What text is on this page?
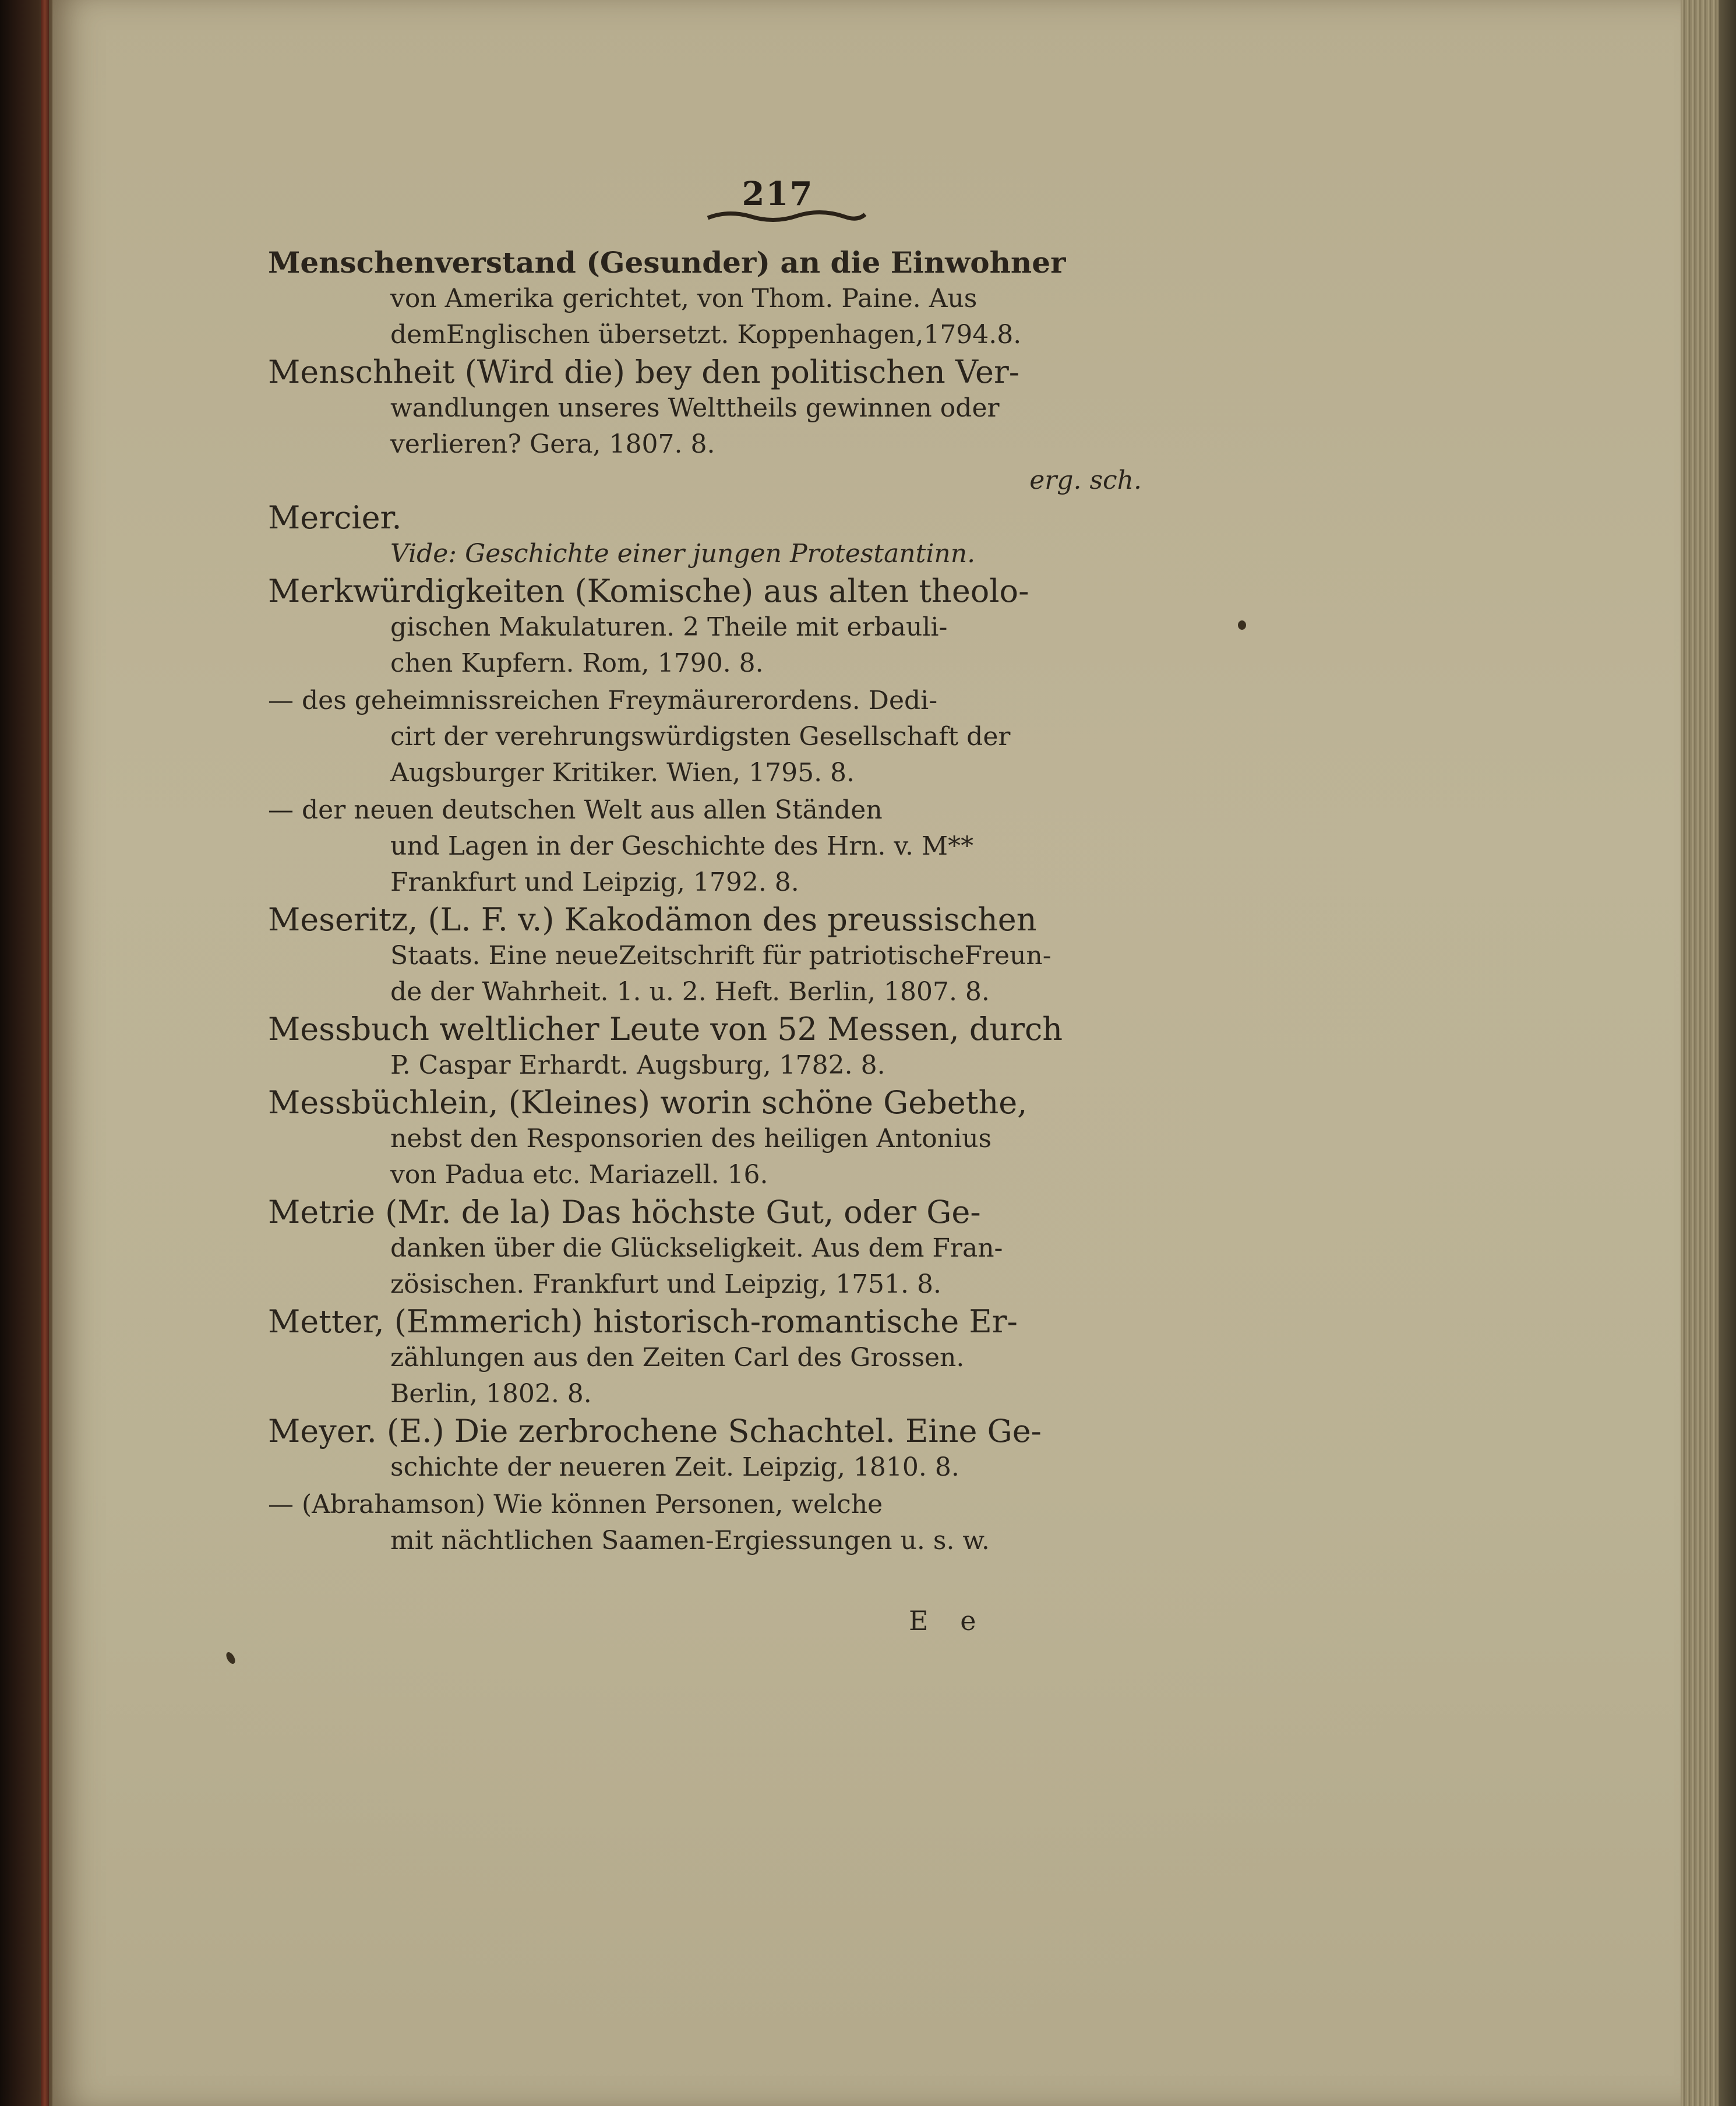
217
Menschenverstand (Gesunder) an die Einwohner
von Amerika gerichtet, von Thom. Paine. Aus
demEnglischen übersetzt. Koppenhagen,1794.8.
Menschheit (Wird die) bey den politischen Ver-
wandlungen unseres Welttheils gewinnen oder
verlieren? Gera, 1807. 8.
erg. sch.
Mercier.
Vide: Geschichte einer jungen Protestantinn.
Merkwürdigkeiten (Komische) aus alten theolo-
gischen Makulaturen. 2 Theile mit erbauli-
chen Kupfern. Rom, 1790. 8.
— des geheimnissreichen Freymäurerordens. Dedi-
cirt der verehrungswürdigsten Gesellschaft der
Augsburger Kritiker. Wien, 1795. 8.
— der neuen deutschen Welt aus allen Ständen
und Lagen in der Geschichte des Hrn. v. M**
Frankfurt und Leipzig, 1792. 8.
Meseritz, (L. F. v.) Kakodämon des preussischen
Staats. Eine neueZeitschrift für patriotischeFreun-
de der Wahrheit. 1. u. 2. Heft. Berlin, 1807. 8.
Messbuch weltlicher Leute von 52 Messen, durch
P. Caspar Erhardt. Augsburg, 1782. 8.
Messbüchlein, (Kleines) worin schöne Gebethe,
nebst den Responsorien des heiligen Antonius
von Padua etc. Mariazell. 16.
Metrie (Mr. de la) Das höchste Gut, oder Ge-
danken über die Glückseligkeit. Aus dem Fran-
zösischen. Frankfurt und Leipzig, 1751. 8.
Metter, (Emmerich) historisch-romantische Er-
zählungen aus den Zeiten Carl des Grossen.
Berlin, 1802. 8.
Meyer. (E.) Die zerbrochene Schachtel. Eine Ge-
schichte der neueren Zeit. Leipzig, 1810. 8.
— (Abrahamson) Wie können Personen, welche
mit nächtlichen Saamen-Ergiessungen u. s. w.
E e
